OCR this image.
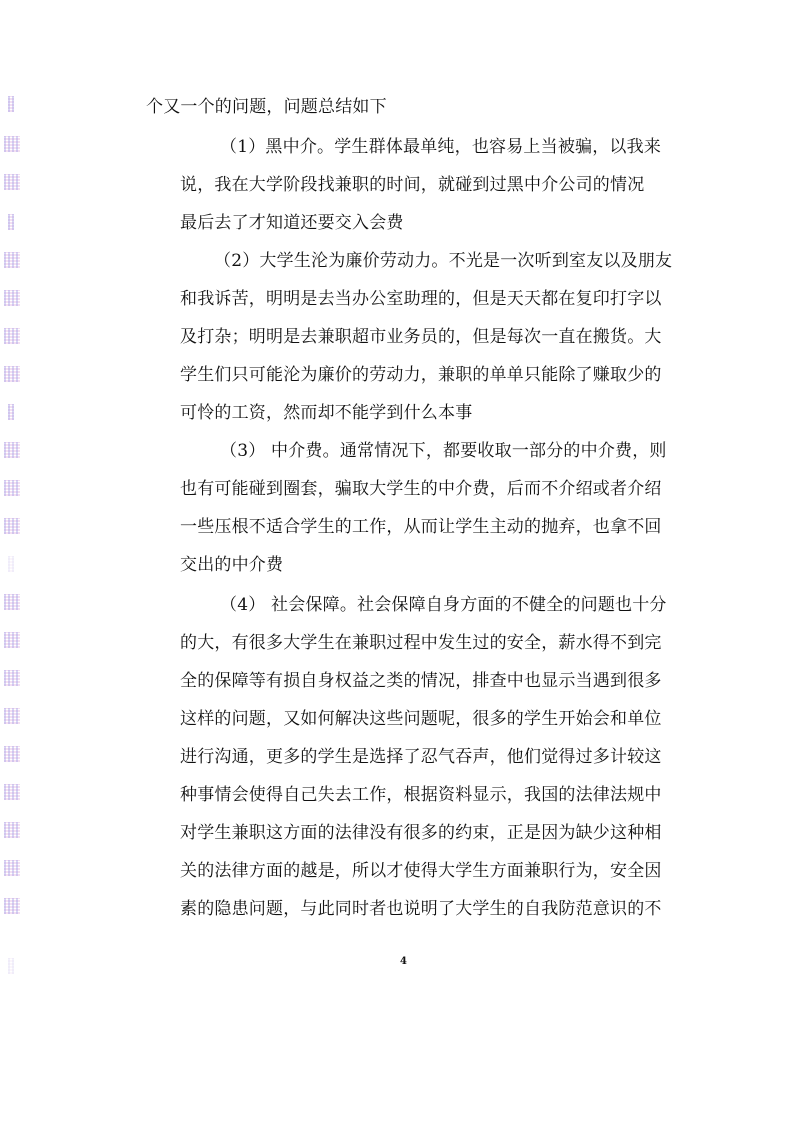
个又一个的问题，问题总结如下
（1）黑中介。学生群体最单纯，也容易上当被骗，以我来
说，我在大学阶段找兼职的时间，就碰到过黑中介公司的情况
最后去了才知道还要交入会费
（2）大学生沦为廉价劳动力。不光是一次听到室友以及朋友
和我诉苦，明明是去当办公室助理的，但是天天都在复印打字以
及打杂；明明是去兼职超市业务员的，但是每次一直在搬货。大
学生们只可能沦为廉价的劳动力，兼职的单单只能除了赚取少的
可怜的工资，然而却不能学到什么本事
（3） 中介费。通常情况下，都要收取一部分的中介费，则
也有可能碰到圈套，骗取大学生的中介费，后而不介绍或者介绍
一些压根不适合学生的工作，从而让学生主动的抛弃，也拿不回
交出的中介费
（4） 社会保障。社会保障自身方面的不健全的问题也十分
的大，有很多大学生在兼职过程中发生过的安全，薪水得不到完
全的保障等有损自身权益之类的情况，排查中也显示当遇到很多
这样的问题，又如何解决这些问题呢，很多的学生开始会和单位
进行沟通，更多的学生是选择了忍气吞声，他们觉得过多计较这
种事情会使得自己失去工作，根据资料显示，我国的法律法规中
对学生兼职这方面的法律没有很多的约束，正是因为缺少这种相
关的法律方面的越是，所以才使得大学生方面兼职行为，安全因
素的隐患问题，与此同时者也说明了大学生的自我防范意识的不
4
